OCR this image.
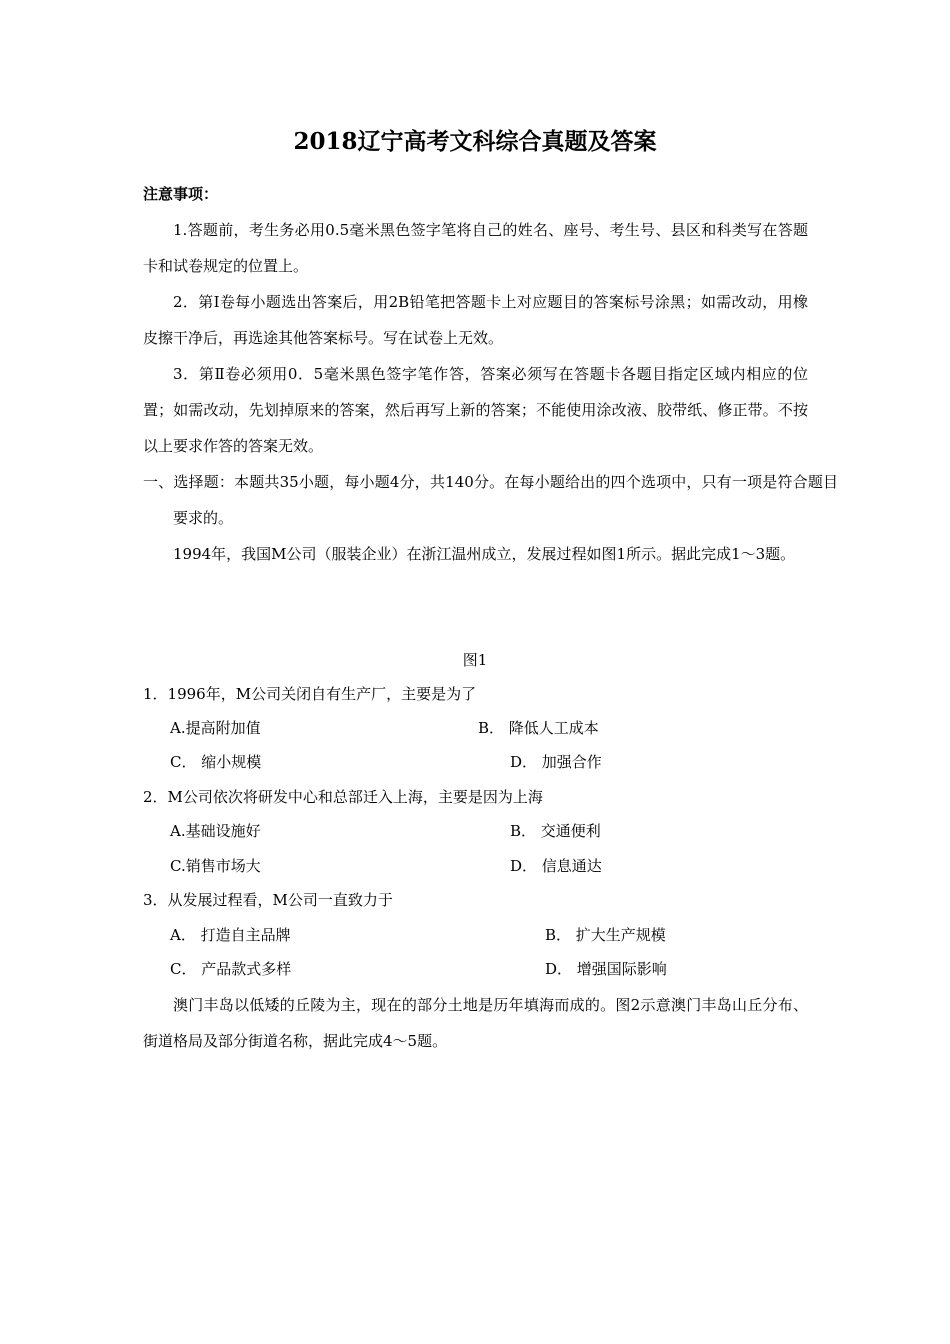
2018辽宁高考文科综合真题及答案
注意事项：
1.答题前，考生务必用0.5毫米黑色签字笔将自己的姓名、座号、考生号、县区和科类写在答题卡和试卷规定的位置上。
2．第Ⅰ卷每小题选出答案后，用2B铅笔把答题卡上对应题目的答案标号涂黑；如需改动，用橡皮擦干净后，再选途其他答案标号。写在试卷上无效。
3．第Ⅱ卷必须用0．5毫米黑色签字笔作答，答案必须写在答题卡各题目指定区域内相应的位置；如需改动，先划掉原来的答案，然后再写上新的答案；不能使用涂改液、胶带纸、修正带。不按以上要求作答的答案无效。
一、选择题：本题共35小题，每小题4分，共140分。在每小题给出的四个选项中，只有一项是符合题目要求的。
1994年，我国M公司（服装企业）在浙江温州成立，发展过程如图1所示。据此完成1～3题。
图1
1．1996年，M公司关闭自有生产厂，主要是为了
A.提高附加值	B． 降低人工成本
C． 缩小规模	D． 加强合作
2．M公司依次将研发中心和总部迁入上海，主要是因为上海
A.基础设施好	B． 交通便利
C.销售市场大	D． 信息通达
3．从发展过程看，M公司一直致力于
A． 打造自主品牌	B． 扩大生产规模
C． 产品款式多样	D． 增强国际影响
澳门丰岛以低矮的丘陵为主，现在的部分土地是历年填海而成的。图2示意澳门丰岛山丘分布、街道格局及部分街道名称，据此完成4～5题。
